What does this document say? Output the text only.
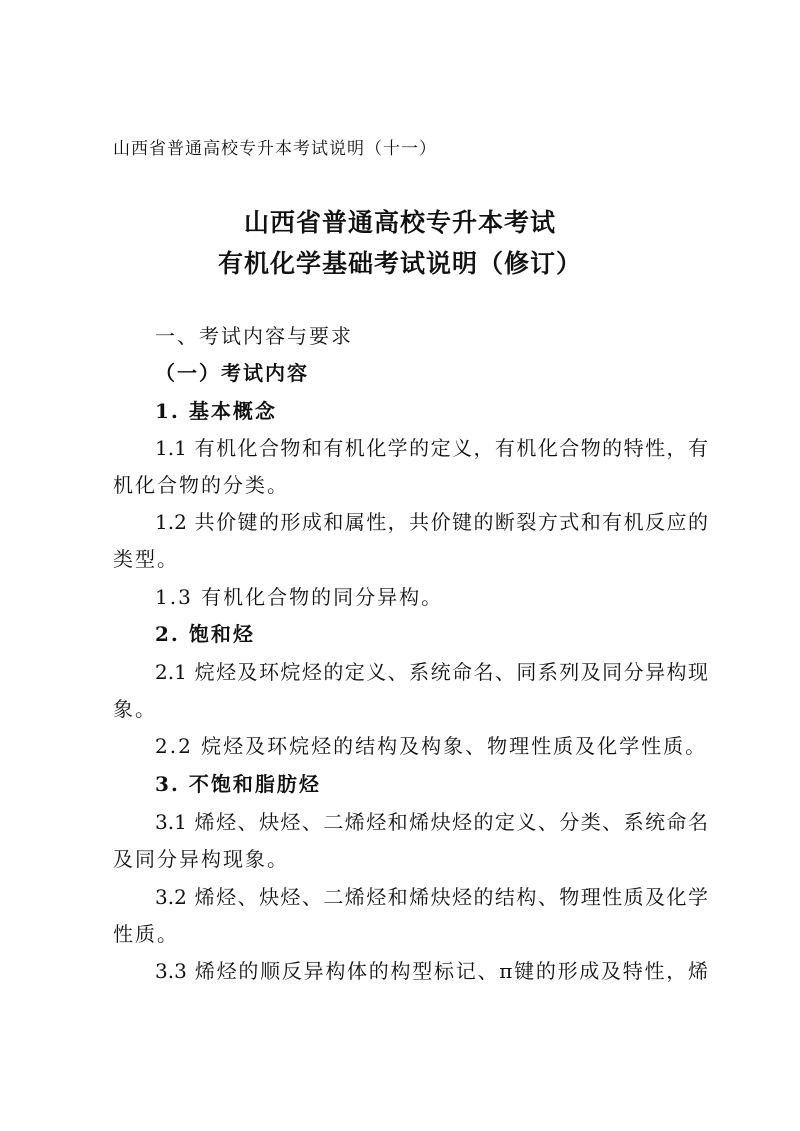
山西省普通高校专升本考试说明（十一）
山西省普通高校专升本考试
有机化学基础考试说明（修订）
一、考试内容与要求
（一）考试内容
1. 基本概念
1.1 有机化合物和有机化学的定义，有机化合物的特性，有
机化合物的分类。
1.2 共价键的形成和属性，共价键的断裂方式和有机反应的
类型。
1.3 有机化合物的同分异构。
2. 饱和烃
2.1 烷烃及环烷烃的定义、系统命名、同系列及同分异构现
象。
2.2 烷烃及环烷烃的结构及构象、物理性质及化学性质。
3. 不饱和脂肪烃
3.1 烯烃、炔烃、二烯烃和烯炔烃的定义、分类、系统命名
及同分异构现象。
3.2 烯烃、炔烃、二烯烃和烯炔烃的结构、物理性质及化学
性质。
3.3 烯烃的顺反异构体的构型标记、π键的形成及特性，烯
